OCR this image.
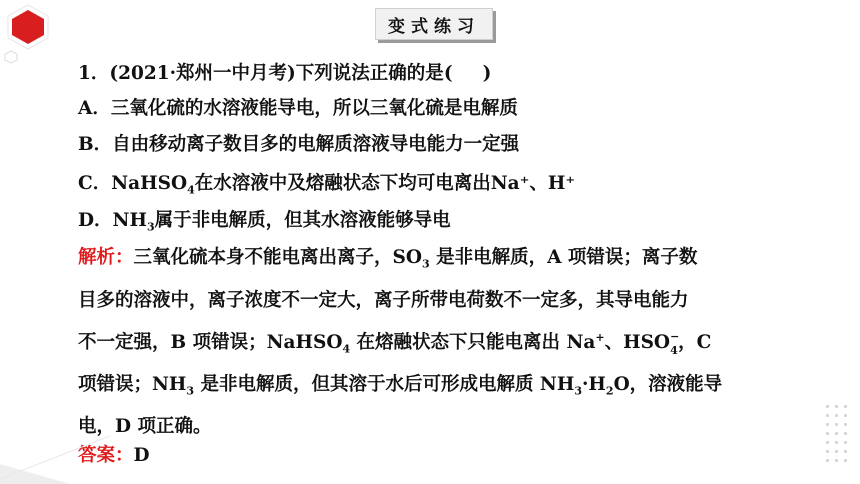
变式练习
1．(2021·郑州一中月考)下列说法正确的是( )
A．三氧化硫的水溶液能导电，所以三氧化硫是电解质
B．自由移动离子数目多的电解质溶液导电能力一定强
C．NaHSO$_4$在水溶液中及熔融状态下均可电离出Na⁺、H⁺
D．$NH_3$属于非电解质，但其水溶液能够导电
解析：三氧化硫本身不能电离出离子，$SO_3$ 是非电解质，A 项错误；离子数
目多的溶液中，离子浓度不一定大，离子所带电荷数不一定多，其导电能力
不一定强，B 项错误；NaHSO$_4$ 在熔融状态下只能电离出 Na+、HSO −
4 ，C
项错误；$NH_3$ 是非电解质，但其溶于水后可形成电解质 $NH_3\cdot H_2O$，溶液能导
电，D 项正确。
答案：D
